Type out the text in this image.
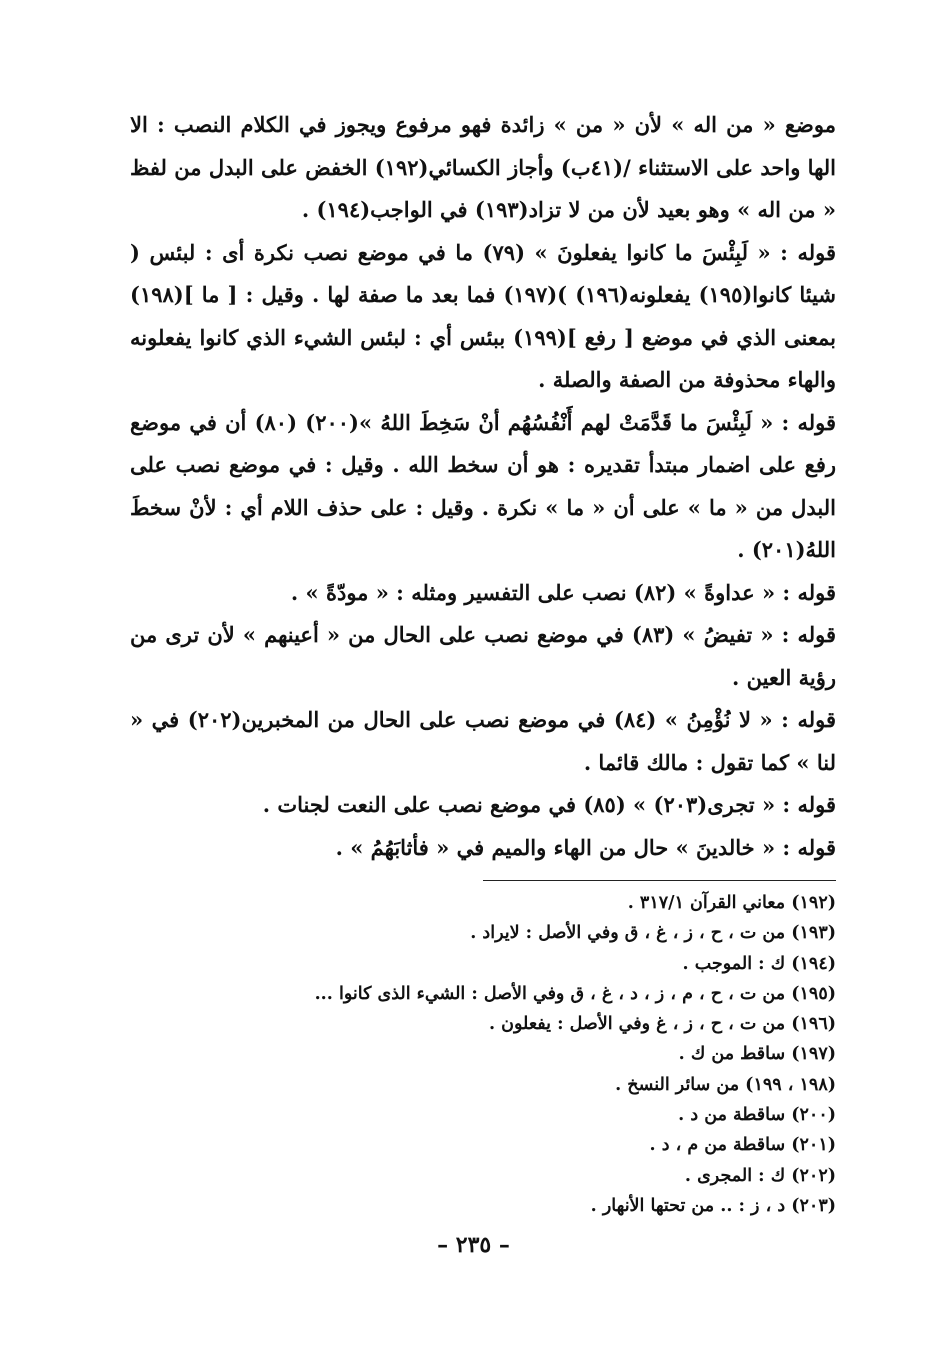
موضع « من اله » لأن « من » زائدة فهو مرفوع ويجوز في الكلام النصب : الا الها واحد على الاستثناء /(٤١ب) وأجاز الكسائي(١٩٢) الخفض على البدل من لفظ « من اله » وهو بعيد لأن من لا تزاد(١٩٣) في الواجب(١٩٤) .

قوله : « لَبِئْسَ ما كانوا يفعلونَ » (٧٩) ما في موضع نصب نكرة أى : لبئس ( شيئا كانوا(١٩٥) يفعلونه(١٩٦) )(١٩٧) فما بعد ما صفة لها . وقيل : [ ما ](١٩٨) بمعنى الذي في موضع [ رفع ](١٩٩) ببئس أي : لبئس الشيء الذي كانوا يفعلونه والهاء محذوفة من الصفة والصلة .

قوله : « لَبِئْسَ ما قَدَّمَتْ لهم أَنْفُسُهُم أنْ سَخِطَ اللهُ »(٢٠٠) (٨٠) أن في موضع رفع على اضمار مبتدأ تقديره : هو أن سخط الله . وقيل : في موضع نصب على البدل من « ما » على أن « ما » نكرة . وقيل : على حذف اللام أي : لأنْ سخطَ اللهُ(٢٠١) .

قوله : « عداوةً » (٨٢) نصب على التفسير ومثله : « مودّةً » .

قوله : « تفيضُ » (٨٣) في موضع نصب على الحال من « أعينهم » لأن ترى من رؤية العين .

قوله : « لا نُؤْمِنُ » (٨٤) في موضع نصب على الحال من المخبرين(٢٠٢) في « لنا » كما تقول : مالك قائما .

قوله : « تجرى(٢٠٣) » (٨٥) في موضع نصب على النعت لجنات .

قوله : « خالدينَ » حال من الهاء والميم في « فأثابَهُمُ » .

(١٩٢) معاني القرآن ٣١٧/١ .
(١٩٣) من ت ، ح ، ز ، غ ، ق وفي الأصل : لايراد .
(١٩٤) ك : الموجب .
(١٩٥) من ت ، ح ، م ، ز ، د ، غ ، ق وفي الأصل : الشيء الذى كانوا ...
(١٩٦) من ت ، ح ، ز ، غ وفي الأصل : يفعلون .
(١٩٧) ساقط من ك .
(١٩٨ ، ١٩٩) من سائر النسخ .
(٢٠٠) ساقطة من د .
(٢٠١) ساقطة من م ، د .
(٢٠٢) ك : المجرى .
(٢٠٣) د ، ز : .. من تحتها الأنهار .
– ٢٣٥ –
